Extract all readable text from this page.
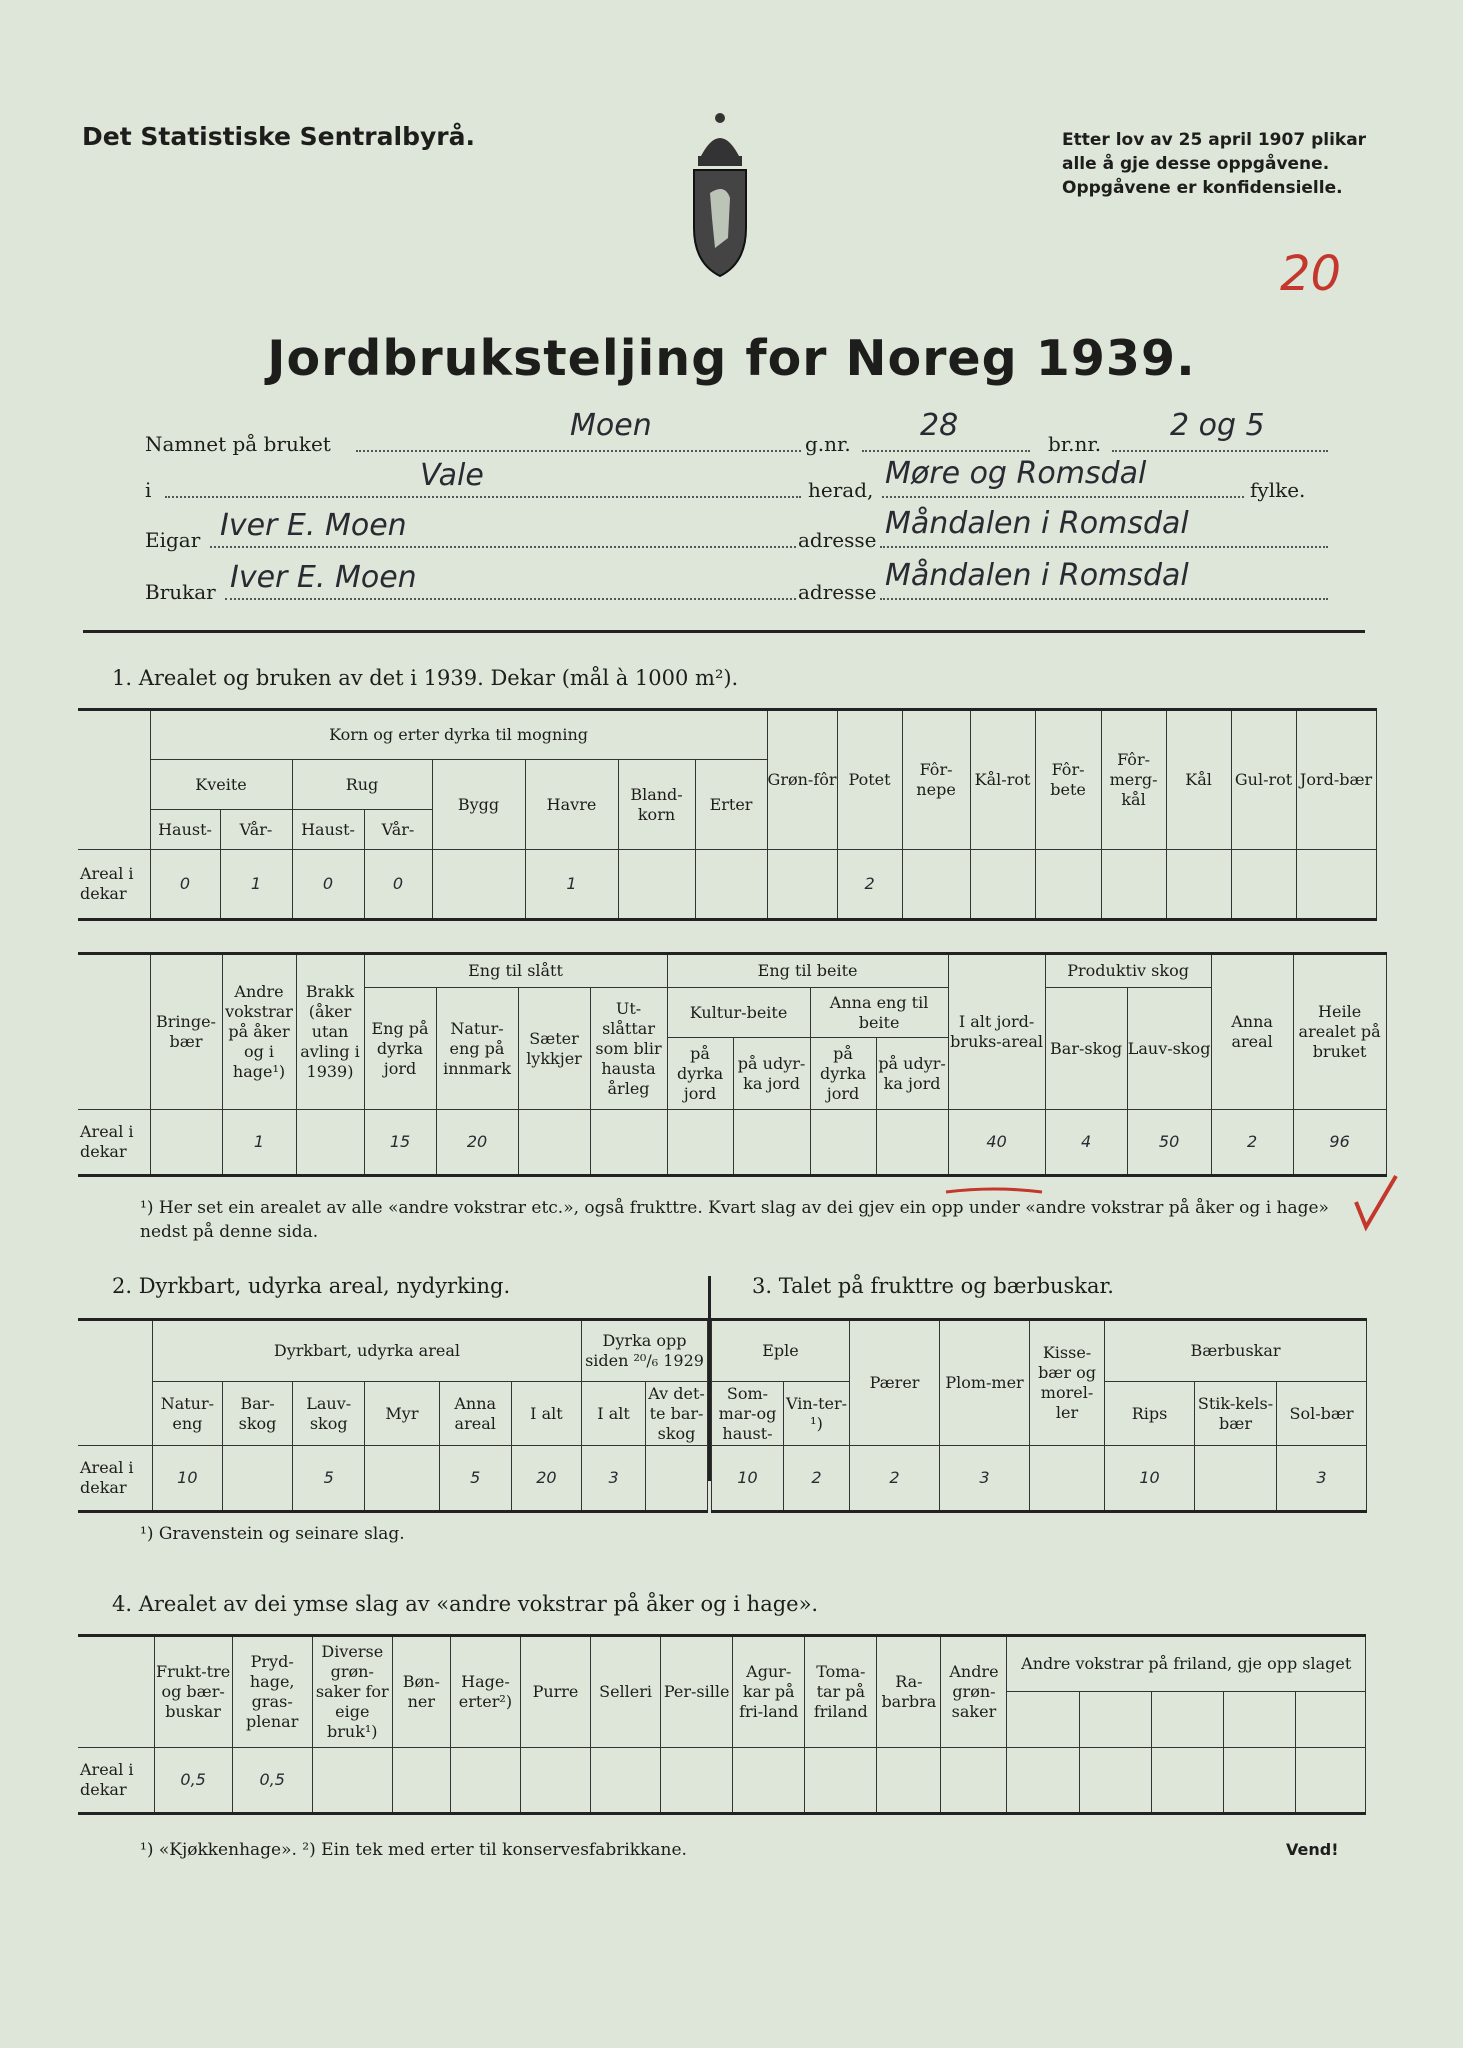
Det Statistiske Sentralbyrå.	Etter lov av 25 april 1907 plikar
alle å gje desse oppgåvene.
Oppgåvene er konfidensielle.
20
Jordbruksteljing for Noreg 1939.
Namnet på bruket
Moen
g.nr.
28
br.nr.
2 og 5
i	Vale	herad, Møre og Romsdal	fylke.
Eigar Iver E. Moen	adresse Måndalen i Romsdal
Brukar Iver E. Moen	adresse Måndalen i Romsdal
1. Arealet og bruken av det i 1939. Dekar (mål à 1000 m²).
	Korn og erter dyrka til mogning								Grøn-fôr	Potet	Fôr-nepe	Kål-rot	Fôr-bete	Fôr-merg-kål	Kål	Gul-rot	Jord-bær
	Kveite		Rug		Bygg	Havre	Bland-korn	Erter									
	Haust-	Vår-	Haust-	Vår-													
Areal i dekar	0	1	0	0		1				2							
	Bringe-bær	Andre vokstrar på åker og i hage¹)	Brakk (åker utan avling i 1939)	Eng til slått				Eng til beite				I alt jord-bruks-areal	Produktiv skog		Anna areal	Heile arealet på bruket
				Eng på dyrka jord	Natur-eng på innmark	Sæter lykkjer	Ut-slåttar som blir hausta årleg	Kultur-beite		Anna eng til beite			Bar-skog	Lauv-skog		
								på dyrka jord	på udyr-ka jord	på dyrka jord	på udyr-ka jord					

Areal i dekar		1		15	20							40	4	50	2	96
¹) Her set ein arealet av alle «andre vokstrar etc.», også frukttre. Kvart slag av dei gjev ein opp under «andre vokstrar på åker og i hage» nedst på denne sida.
2. Dyrkbart, udyrka areal, nydyrking.	3. Talet på frukttre og bærbuskar.
	Dyrkbart, udyrka areal						Dyrka opp siden ²⁰/₆ 1929	
	Natur-eng	Bar-skog	Lauv-skog	Myr	Anna areal	I alt	I alt	Av det-te bar-skog
Areal i dekar	10		5		5	20	3	
Eple		Pærer	Plom-mer	Kisse-bær og morel-ler	Bærbuskar		
Som-mar-og haust-	Vin-ter-¹)				Rips	Stik-kels-bær	Sol-bær
10	2	2	3		10		3
¹) Gravenstein og seinare slag.
4. Arealet av dei ymse slag av «andre vokstrar på åker og i hage».
	Frukt-tre og bær-buskar	Pryd-hage, gras-plenar	Diverse grøn-saker for eige bruk¹)	Bøn-ner	Hage-erter²)	Purre	Selleri	Per-sille	Agur-kar på fri-land	Toma-tar på friland	Ra-barbra	Andre grøn-saker	Andre vokstrar på friland, gje opp slaget				

Areal i dekar	0,5	0,5															
¹) «Kjøkkenhage». ²) Ein tek med erter til konservesfabrikkane.	Vend!
